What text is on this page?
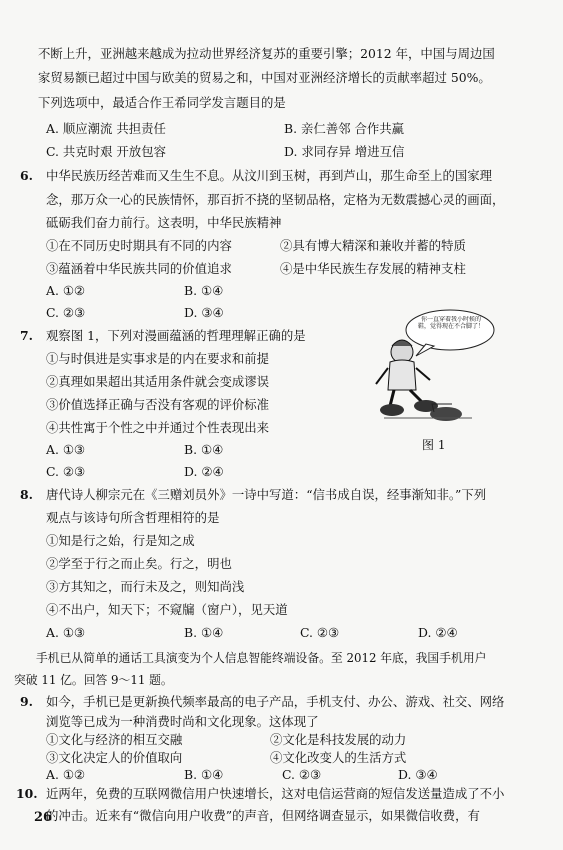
不断上升，亚洲越来越成为拉动世界经济复苏的重要引擎；2012 年，中国与周边国
家贸易额已超过中国与欧美的贸易之和，中国对亚洲经济增长的贡献率超过 50%。
下列选项中，最适合作王希同学发言题目的是
A. 顺应潮流 共担责任	B. 亲仁善邻 合作共赢
C. 共克时艰 开放包容	D. 求同存异 增进互信
6. 中华民族历经苦难而又生生不息。从汶川到玉树，再到芦山，那生命至上的国家理
念，那万众一心的民族情怀，那百折不挠的坚韧品格，定格为无数震撼心灵的画面，
砥砺我们奋力前行。这表明，中华民族精神
①在不同历史时期具有不同的内容	②具有博大精深和兼收并蓄的特质
③蕴涵着中华民族共同的价值追求	④是中华民族生存发展的精神支柱
A. ①②	B. ①④
C. ②③	D. ③④
7. 观察图 1，下列对漫画蕴涵的哲理理解正确的是
①与时俱进是实事求是的内在要求和前提
②真理如果超出其适用条件就会变成谬误
③价值选择正确与否没有客观的评价标准
④共性寓于个性之中并通过个性表现出来
A. ①③	B. ①④
C. ②③	D. ②④
你一直穿着我小时候的鞋，觉得现在不合脚了！
图 1
8. 唐代诗人柳宗元在《三赠刘员外》一诗中写道：“信书成自误，经事渐知非。”下列
观点与该诗句所含哲理相符的是
①知是行之始，行是知之成
②学至于行之而止矣。行之，明也
③方其知之，而行未及之，则知尚浅
④不出户，知天下；不窥牖（窗户），见天道
A. ①③	B. ①④	C. ②③	D. ②④
手机已从简单的通话工具演变为个人信息智能终端设备。至 2012 年底，我国手机用户
突破 11 亿。回答 9～11 题。
9. 如今，手机已是更新换代频率最高的电子产品，手机支付、办公、游戏、社交、网络
浏览等已成为一种消费时尚和文化现象。这体现了
①文化与经济的相互交融	②文化是科技发展的动力
③文化决定人的价值取向	④文化改变人的生活方式
A. ①②	B. ①④	C. ②③	D. ③④
10. 近两年，免费的互联网微信用户快速增长，这对电信运营商的短信发送量造成了不小
的冲击。近来有“微信向用户收费”的声音，但网络调查显示，如果微信收费，有
26
